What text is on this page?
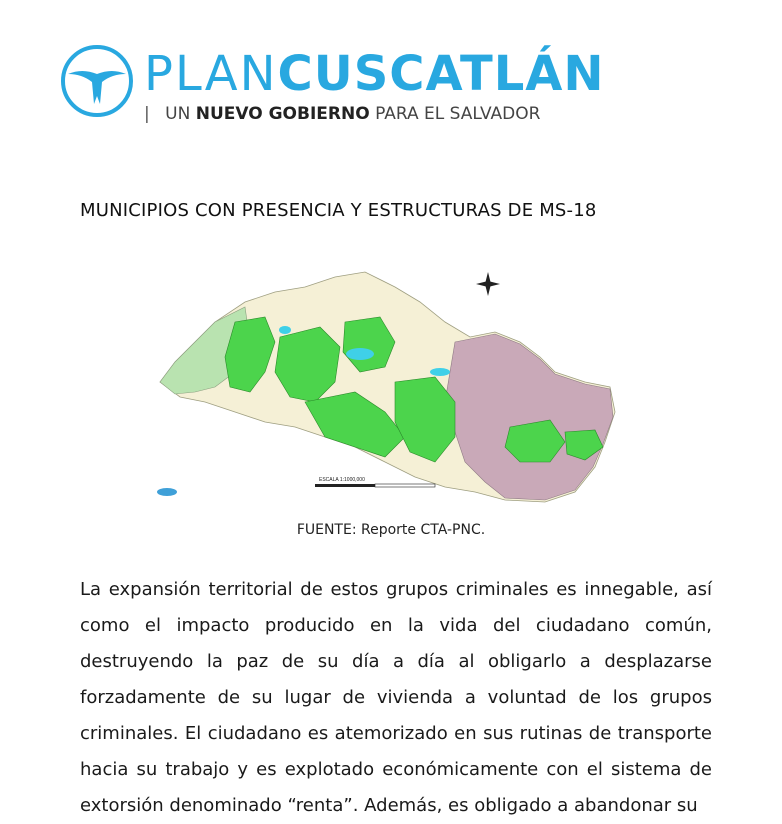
PLANCUSCATLÁN
| UN NUEVO GOBIERNO PARA EL SALVADOR
MUNICIPIOS CON PRESENCIA Y ESTRUCTURAS DE MS-18
ESCALA 1:1000,000
FUENTE: Reporte CTA-PNC.
La expansión territorial de estos grupos criminales es innegable, así como el impacto producido en la vida del ciudadano común, destruyendo la paz de su día a día al obligarlo a desplazarse forzadamente de su lugar de vivienda a voluntad de los grupos criminales. El ciudadano es atemorizado en sus rutinas de transporte hacia su trabajo y es explotado económicamente con el sistema de extorsión denominado “renta”. Además, es obligado a abandonar su
